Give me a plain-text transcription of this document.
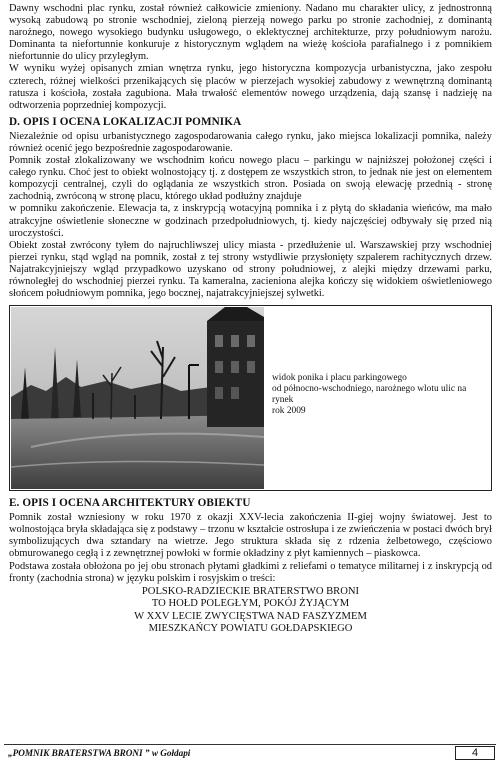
Dawny wschodni plac rynku, został również całkowicie zmieniony. Nadano mu charakter ulicy, z jednostronną wysoką zabudową po stronie wschodniej, zieloną pierzeją nowego parku po stronie zachodniej, z dominantą narożnego, nowego wysokiego budynku usługowego, o eklektycznej architekturze, przy południowym narożu. Dominanta ta niefortunnie konkuruje z historycznym wglądem na wieżę kościoła parafialnego i z pomnikiem niefortunnie do ulicy przyległym.

W wyniku wyżej opisanych zmian wnętrza rynku, jego historyczna kompozycja urbanistyczna, jako zespołu czterech, różnej wielkości przenikających się placów w pierzejach wysokiej zabudowy z wewnętrzną dominantą ratusza i kościoła, została zagubiona. Mała trwałość elementów nowego urządzenia, dają szansę i nadzieję na odtworzenia poprzedniej kompozycji.

D. OPIS I OCENA LOKALIZACJI POMNIKA

Niezależnie od opisu urbanistycznego zagospodarowania całego rynku, jako miejsca lokalizacji pomnika, należy również ocenić jego bezpośrednie zagospodarowanie.

Pomnik został zlokalizowany we wschodnim końcu nowego placu – parkingu w najniższej położonej części i całego rynku. Choć jest to obiekt wolnostojący tj. z dostępem ze wszystkich stron, to jednak nie jest on elementem kompozycji centralnej, czyli do oglądania ze wszystkich stron. Posiada on swoją elewację przednią - stronę zachodnią, zwróconą w stronę placu, którego układ podłużny znajduje

w pomniku zakończenie. Elewacja ta, z inskrypcją wotacyjną pomnika i z płytą do składania wieńców, ma mało atrakcyjne oświetlenie słoneczne w godzinach przedpołudniowych, tj. kiedy najczęściej odbywały się przed nią uroczystości.

Obiekt został zwrócony tyłem do najruchliwszej ulicy miasta - przedłużenie ul. Warszawskiej przy wschodniej pierzei rynku, stąd wgląd na pomnik, został z tej strony wstydliwie przysłonięty szpalerem rachitycznych drzew. Najatrakcyjniejszy wgląd przypadkowo uzyskano od strony południowej, z alejki między drzewami parku, równoległej do wschodniej pierzei rynku. Ta kameralna, zacieniona alejka kończy się widokiem oświetleniowego słońcem południowym pomnika, jego bocznej, najatrakcyjniejszej sylwetki.

widok ponika i placu parkingowego
od północno-wschodniego, narożnego wlotu ulic na
rynek
rok 2009
E. OPIS I OCENA ARCHITEKTURY OBIEKTU

Pomnik został wzniesiony w roku 1970 z okazji XXV-lecia zakończenia II-giej wojny światowej. Jest to wolnostojąca bryła składająca się z podstawy – trzonu w kształcie ostrosłupa i ze zwieńczenia w postaci dwóch brył symbolizujących dwa sztandary na wietrze. Jego struktura składa się z rdzenia żelbetowego, częściowo obmurowanego cegłą i z zewnętrznej powłoki w formie okładziny z płyt kamiennych – piaskowca.

Podstawa została obłożona po jej obu stronach płytami gładkimi z reliefami o tematyce militarnej i z inskrypcją od fronty (zachodnia strona) w języku polskim i rosyjskim o treści:

POLSKO-RADZIECKIE BRATERSTWO BRONI
TO HOŁD POLEGŁYM, POKÓJ ŻYJĄCYM
W XXV LECIE ZWYCIĘSTWA NAD FASZYZMEM
MIESZKAŃCY POWIATU GOŁDAPSKIEGO
„POMNIK BRATERSTWA BRONI ” w Gołdapi	4
